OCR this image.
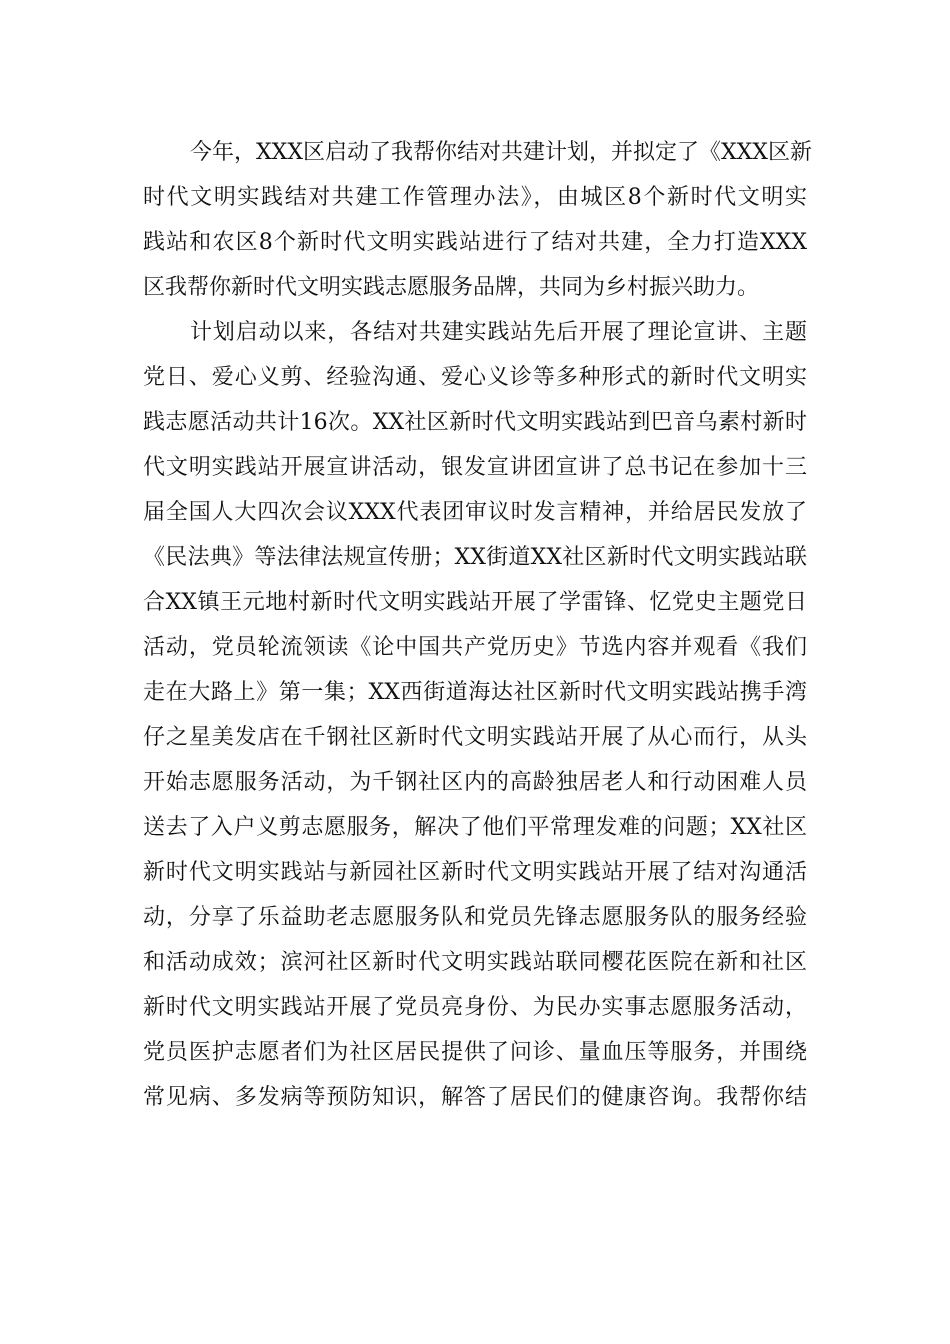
今年，XXX区启动了我帮你结对共建计划，并拟定了《XXX区新
时代文明实践结对共建工作管理办法》，由城区8个新时代文明实
践站和农区8个新时代文明实践站进行了结对共建，全力打造XXX
区我帮你新时代文明实践志愿服务品牌，共同为乡村振兴助力。
计划启动以来，各结对共建实践站先后开展了理论宣讲、主题
党日、爱心义剪、经验沟通、爱心义诊等多种形式的新时代文明实
践志愿活动共计16次。XX社区新时代文明实践站到巴音乌素村新时
代文明实践站开展宣讲活动，银发宣讲团宣讲了总书记在参加十三
届全国人大四次会议XXX代表团审议时发言精神，并给居民发放了
《民法典》等法律法规宣传册；XX街道XX社区新时代文明实践站联
合XX镇王元地村新时代文明实践站开展了学雷锋、忆党史主题党日
活动，党员轮流领读《论中国共产党历史》节选内容并观看《我们
走在大路上》第一集；XX西街道海达社区新时代文明实践站携手湾
仔之星美发店在千钢社区新时代文明实践站开展了从心而行，从头
开始志愿服务活动，为千钢社区内的高龄独居老人和行动困难人员
送去了入户义剪志愿服务，解决了他们平常理发难的问题；XX社区
新时代文明实践站与新园社区新时代文明实践站开展了结对沟通活
动，分享了乐益助老志愿服务队和党员先锋志愿服务队的服务经验
和活动成效；滨河社区新时代文明实践站联同樱花医院在新和社区
新时代文明实践站开展了党员亮身份、为民办实事志愿服务活动，
党员医护志愿者们为社区居民提供了问诊、量血压等服务，并围绕
常见病、多发病等预防知识，解答了居民们的健康咨询。我帮你结
